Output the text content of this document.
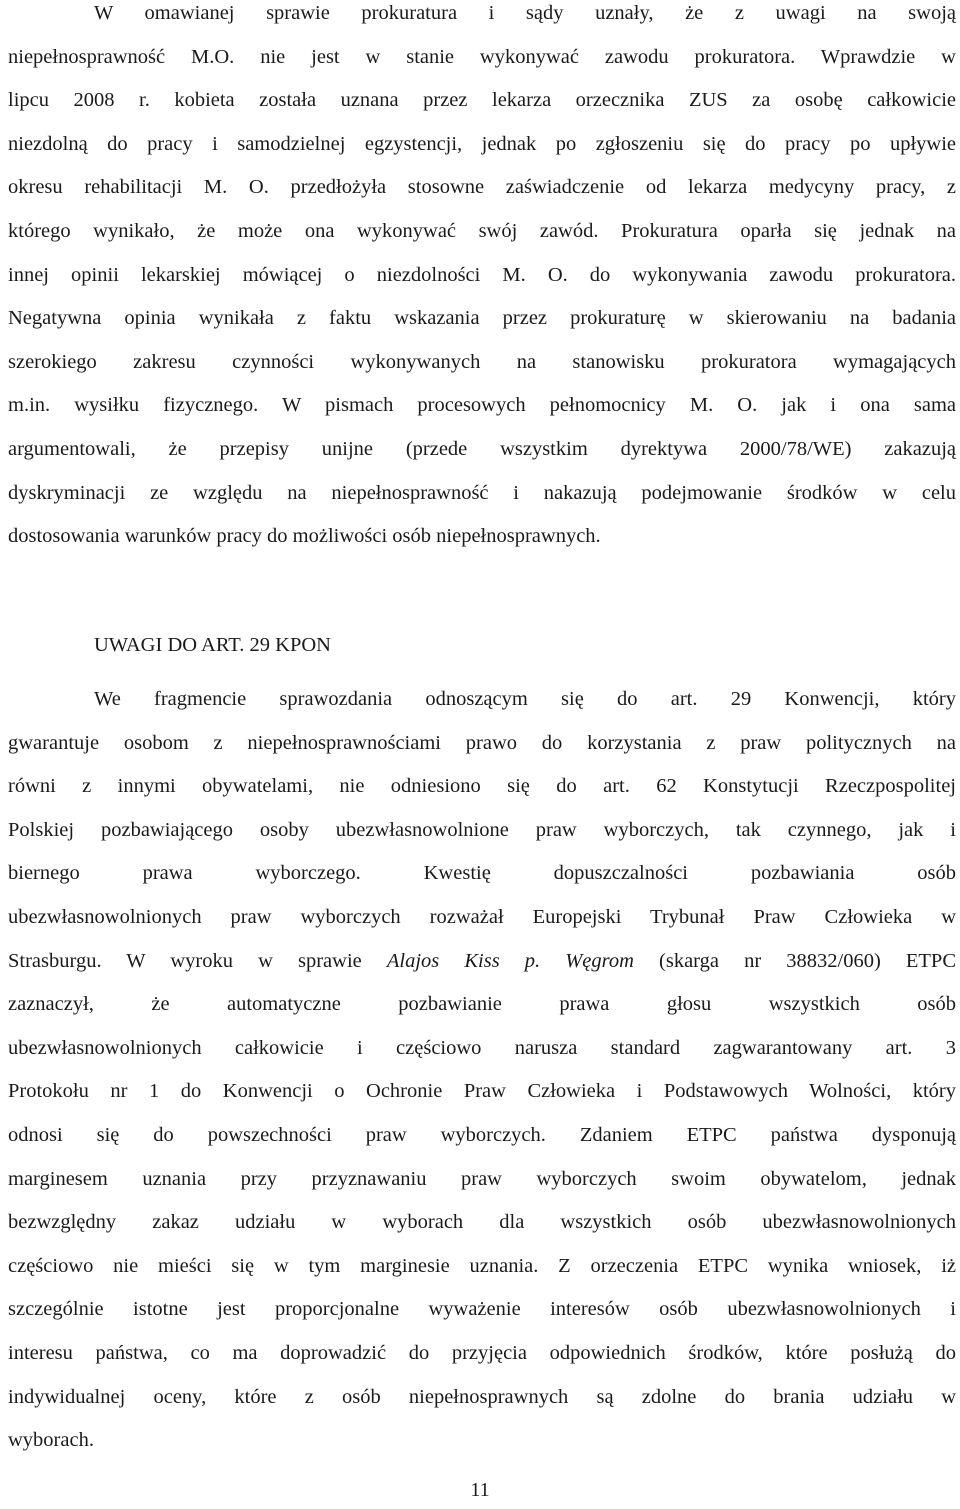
W omawianej sprawie prokuratura i sądy uznały, że z uwagi na swoją
niepełnosprawność M.O. nie jest w stanie wykonywać zawodu prokuratora. Wprawdzie w
lipcu 2008 r. kobieta została uznana przez lekarza orzecznika ZUS za osobę całkowicie
niezdolną do pracy i samodzielnej egzystencji, jednak po zgłoszeniu się do pracy po upływie
okresu rehabilitacji M. O. przedłożyła stosowne zaświadczenie od lekarza medycyny pracy, z
którego wynikało, że może ona wykonywać swój zawód. Prokuratura oparła się jednak na
innej opinii lekarskiej mówiącej o niezdolności M. O. do wykonywania zawodu prokuratora.
Negatywna opinia wynikała z faktu wskazania przez prokuraturę w skierowaniu na badania
szerokiego zakresu czynności wykonywanych na stanowisku prokuratora wymagających
m.in. wysiłku fizycznego. W pismach procesowych pełnomocnicy M. O. jak i ona sama
argumentowali, że przepisy unijne (przede wszystkim dyrektywa 2000/78/WE) zakazują
dyskryminacji ze względu na niepełnosprawność i nakazują podejmowanie środków w celu
dostosowania warunków pracy do możliwości osób niepełnosprawnych.

UWAGI DO ART. 29 KPON

We fragmencie sprawozdania odnoszącym się do art. 29 Konwencji, który
gwarantuje osobom z niepełnosprawnościami prawo do korzystania z praw politycznych na
równi z innymi obywatelami, nie odniesiono się do art. 62 Konstytucji Rzeczpospolitej
Polskiej pozbawiającego osoby ubezwłasnowolnione praw wyborczych, tak czynnego, jak i
biernego prawa wyborczego. Kwestię dopuszczalności pozbawiania osób
ubezwłasnowolnionych praw wyborczych rozważał Europejski Trybunał Praw Człowieka w
Strasburgu. W wyroku w sprawie Alajos Kiss p. Węgrom (skarga nr 38832/060) ETPC
zaznaczył, że automatyczne pozbawianie prawa głosu wszystkich osób
ubezwłasnowolnionych całkowicie i częściowo narusza standard zagwarantowany art. 3
Protokołu nr 1 do Konwencji o Ochronie Praw Człowieka i Podstawowych Wolności, który
odnosi się do powszechności praw wyborczych. Zdaniem ETPC państwa dysponują
marginesem uznania przy przyznawaniu praw wyborczych swoim obywatelom, jednak
bezwzględny zakaz udziału w wyborach dla wszystkich osób ubezwłasnowolnionych
częściowo nie mieści się w tym marginesie uznania. Z orzeczenia ETPC wynika wniosek, iż
szczególnie istotne jest proporcjonalne wyważenie interesów osób ubezwłasnowolnionych i
interesu państwa, co ma doprowadzić do przyjęcia odpowiednich środków, które posłużą do
indywidualnej oceny, które z osób niepełnosprawnych są zdolne do brania udziału w
wyborach.

11
